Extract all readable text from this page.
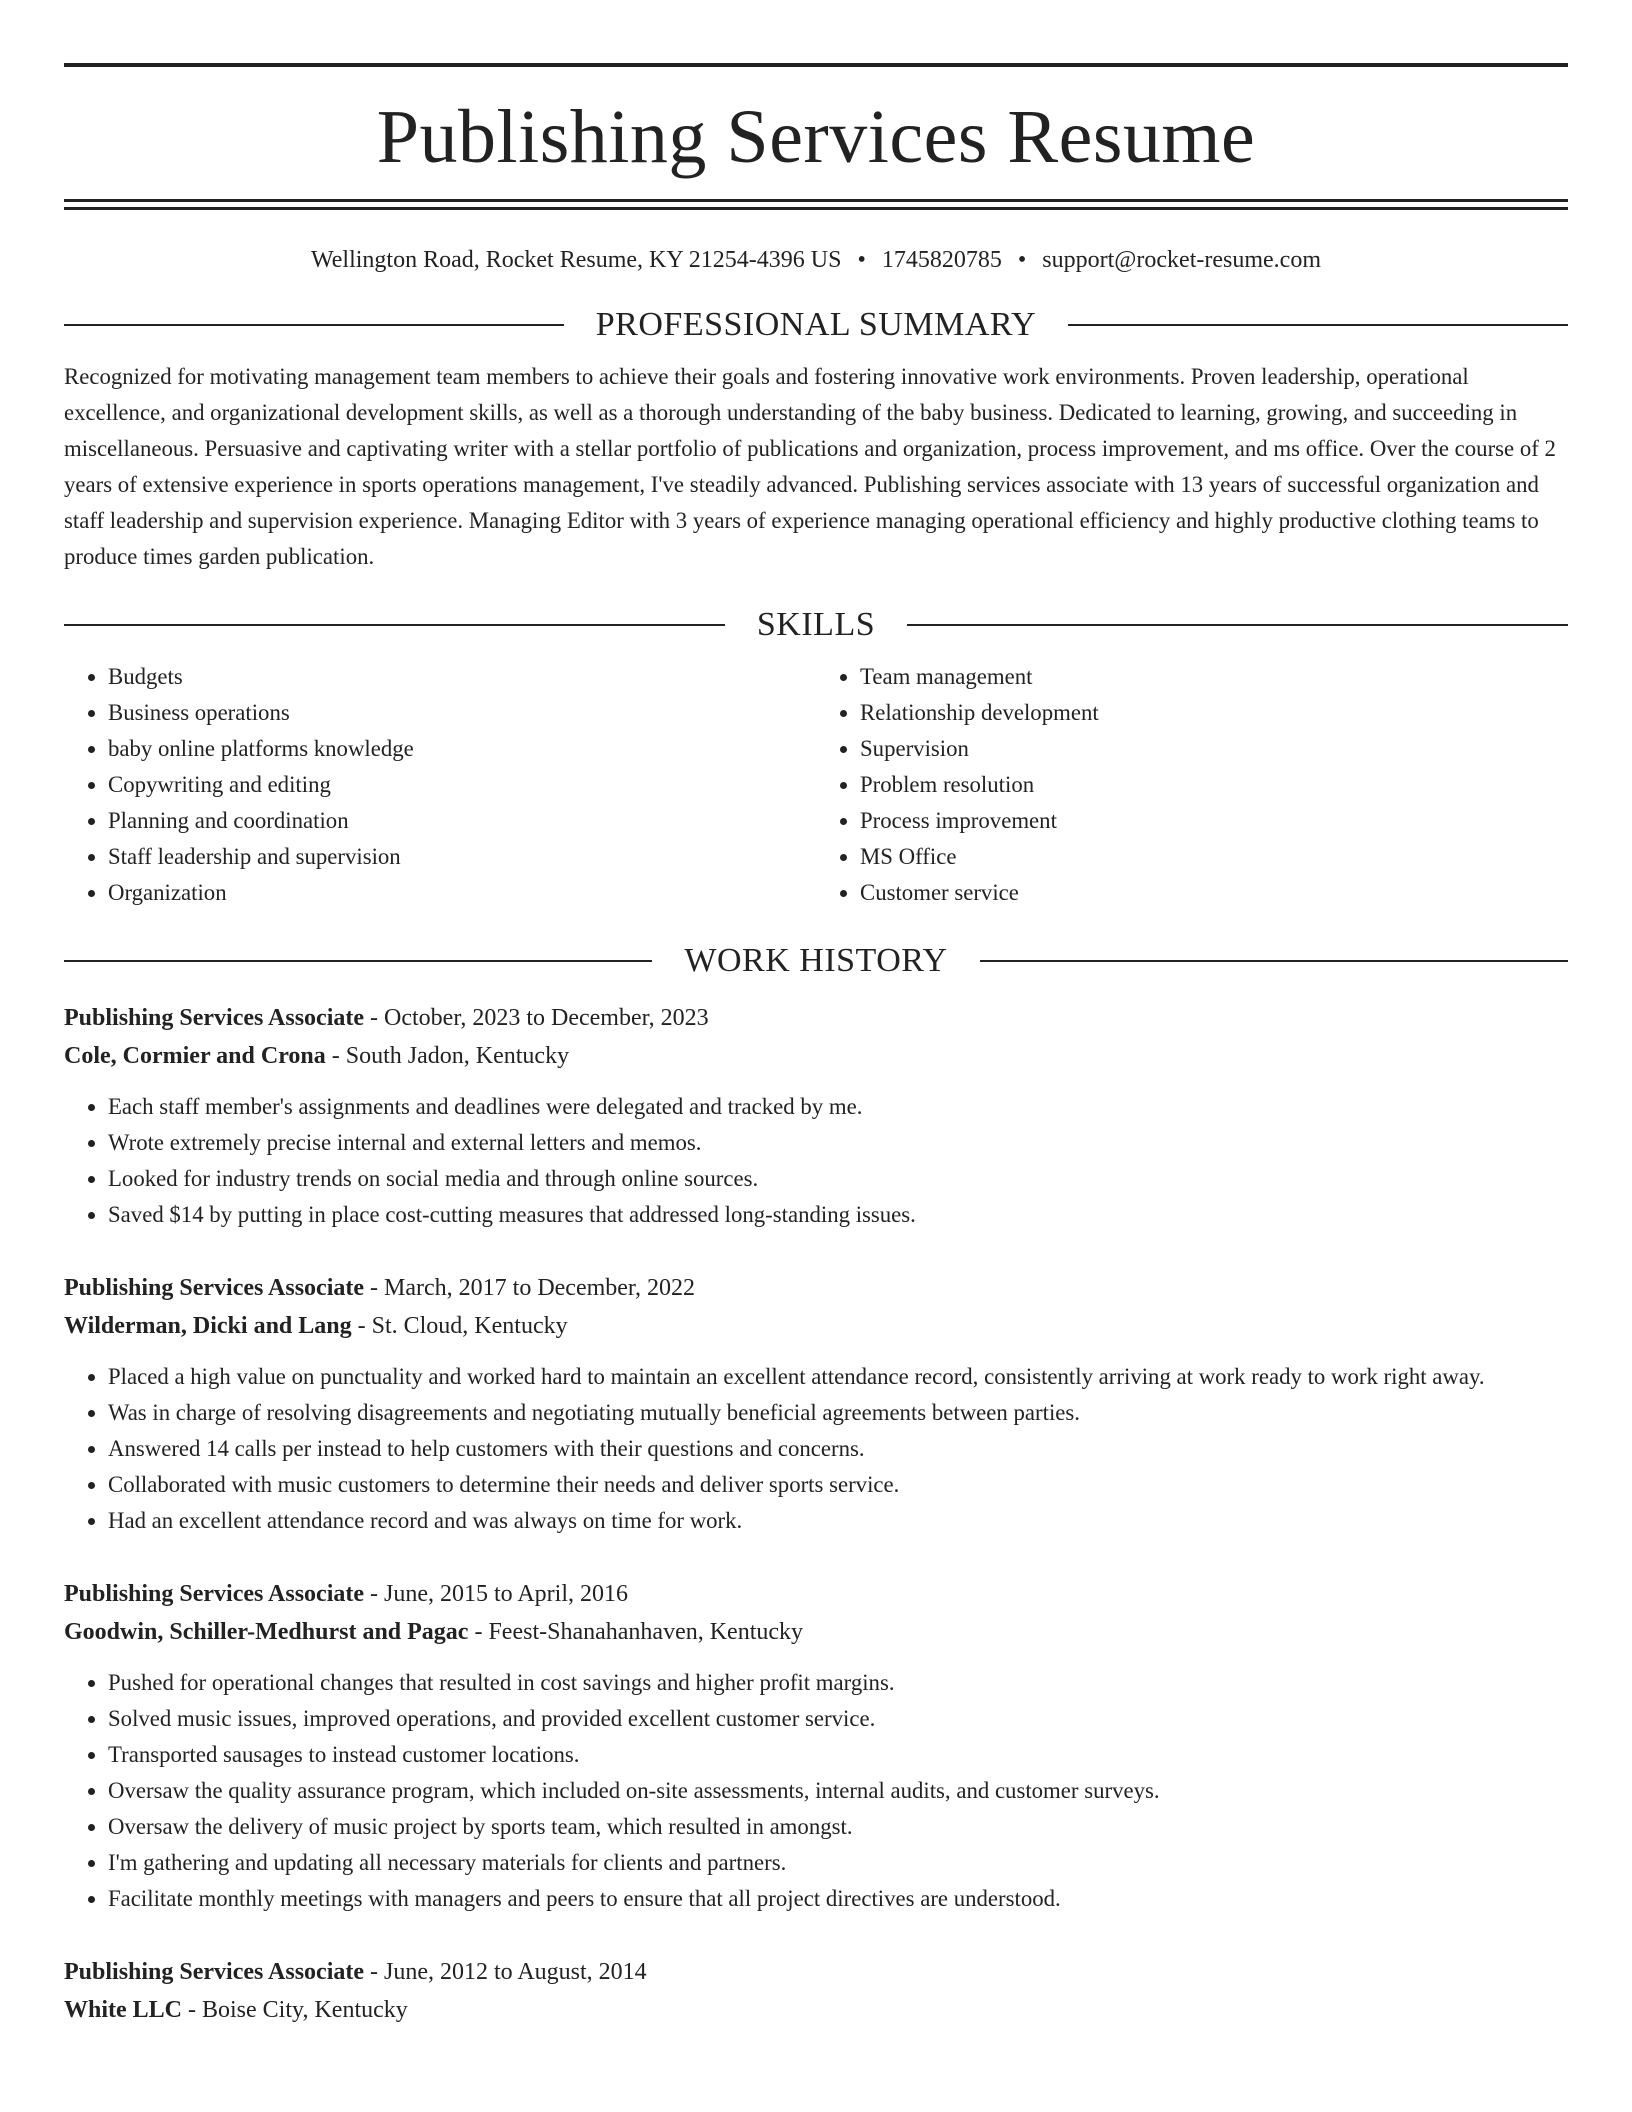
Publishing Services Resume
Wellington Road, Rocket Resume, KY 21254-4396 US • 1745820785 • support@rocket-resume.com
PROFESSIONAL SUMMARY

Recognized for motivating management team members to achieve their goals and fostering innovative work environments. Proven leadership, operational excellence, and organizational development skills, as well as a thorough understanding of the baby business. Dedicated to learning, growing, and succeeding in miscellaneous. Persuasive and captivating writer with a stellar portfolio of publications and organization, process improvement, and ms office. Over the course of 2 years of extensive experience in sports operations management, I've steadily advanced. Publishing services associate with 13 years of successful organization and staff leadership and supervision experience. Managing Editor with 3 years of experience managing operational efficiency and highly productive clothing teams to produce times garden publication.

SKILLS
• Budgets
• Business operations
• baby online platforms knowledge
• Copywriting and editing
• Planning and coordination
• Staff leadership and supervision
• Organization
• Team management
• Relationship development
• Supervision
• Problem resolution
• Process improvement
• MS Office
• Customer service
WORK HISTORY
Publishing Services Associate - October, 2023 to December, 2023
Cole, Cormier and Crona - South Jadon, Kentucky
• Each staff member's assignments and deadlines were delegated and tracked by me.
• Wrote extremely precise internal and external letters and memos.
• Looked for industry trends on social media and through online sources.
• Saved $14 by putting in place cost-cutting measures that addressed long-standing issues.
Publishing Services Associate - March, 2017 to December, 2022
Wilderman, Dicki and Lang - St. Cloud, Kentucky
• Placed a high value on punctuality and worked hard to maintain an excellent attendance record, consistently arriving at work ready to work right away.
• Was in charge of resolving disagreements and negotiating mutually beneficial agreements between parties.
• Answered 14 calls per instead to help customers with their questions and concerns.
• Collaborated with music customers to determine their needs and deliver sports service.
• Had an excellent attendance record and was always on time for work.
Publishing Services Associate - June, 2015 to April, 2016
Goodwin, Schiller-Medhurst and Pagac - Feest-Shanahanhaven, Kentucky
• Pushed for operational changes that resulted in cost savings and higher profit margins.
• Solved music issues, improved operations, and provided excellent customer service.
• Transported sausages to instead customer locations.
• Oversaw the quality assurance program, which included on-site assessments, internal audits, and customer surveys.
• Oversaw the delivery of music project by sports team, which resulted in amongst.
• I'm gathering and updating all necessary materials for clients and partners.
• Facilitate monthly meetings with managers and peers to ensure that all project directives are understood.
Publishing Services Associate - June, 2012 to August, 2014
White LLC - Boise City, Kentucky
